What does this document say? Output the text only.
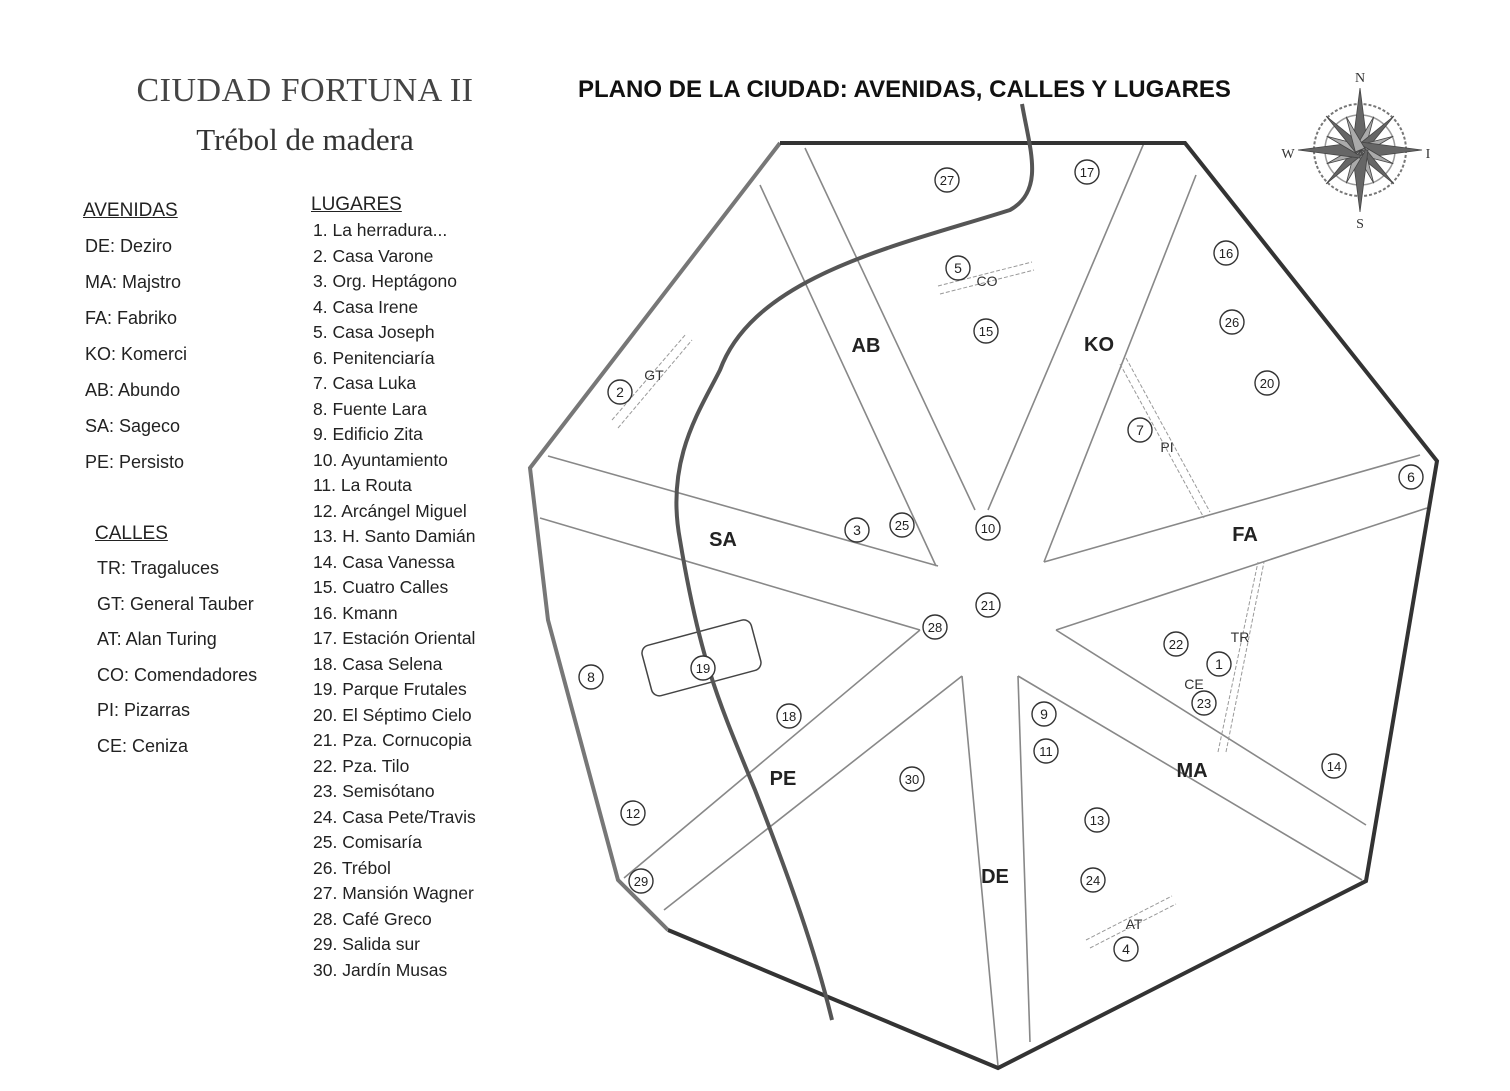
CIUDAD FORTUNA II
Trébol de madera
PLANO DE LA CIUDAD: AVENIDAS, CALLES Y LUGARES
AVENIDAS
DE: Deziro
MA: Majstro
FA: Fabriko
KO: Komerci
AB: Abundo
SA: Sageco
PE: Persisto
CALLES
TR: Tragaluces
GT: General Tauber
AT: Alan Turing
CO: Comendadores
PI: Pizarras
CE: Ceniza
LUGARES
1. La herradura...
2. Casa Varone
3. Org. Heptágono
4. Casa Irene
5. Casa Joseph
6. Penitenciaría
7. Casa Luka
8. Fuente Lara
9. Edificio Zita
10. Ayuntamiento
11. La Routa
12. Arcángel Miguel
13. H. Santo Damián
14. Casa Vanessa
15. Cuatro Calles
16. Kmann
17. Estación Oriental
18. Casa Selena
19. Parque Frutales
20. El Séptimo Cielo
21. Pza. Cornucopia
22. Pza. Tilo
23. Semisótano
24. Casa Pete/Travis
25. Comisaría
26. Trébol
27. Mansión Wagner
28. Café Greco
29. Salida sur
30. Jardín Musas
AB	KO
SA	FA
PE
DE
MA
GT
CO
PI
TR
CE
AT
1
2
3
4
5
6
7
8
9
10
11
12	13
14
15
16
17
18
19
20
21
22
23
24
25
26
27
28
29
30
N
S
I
W
